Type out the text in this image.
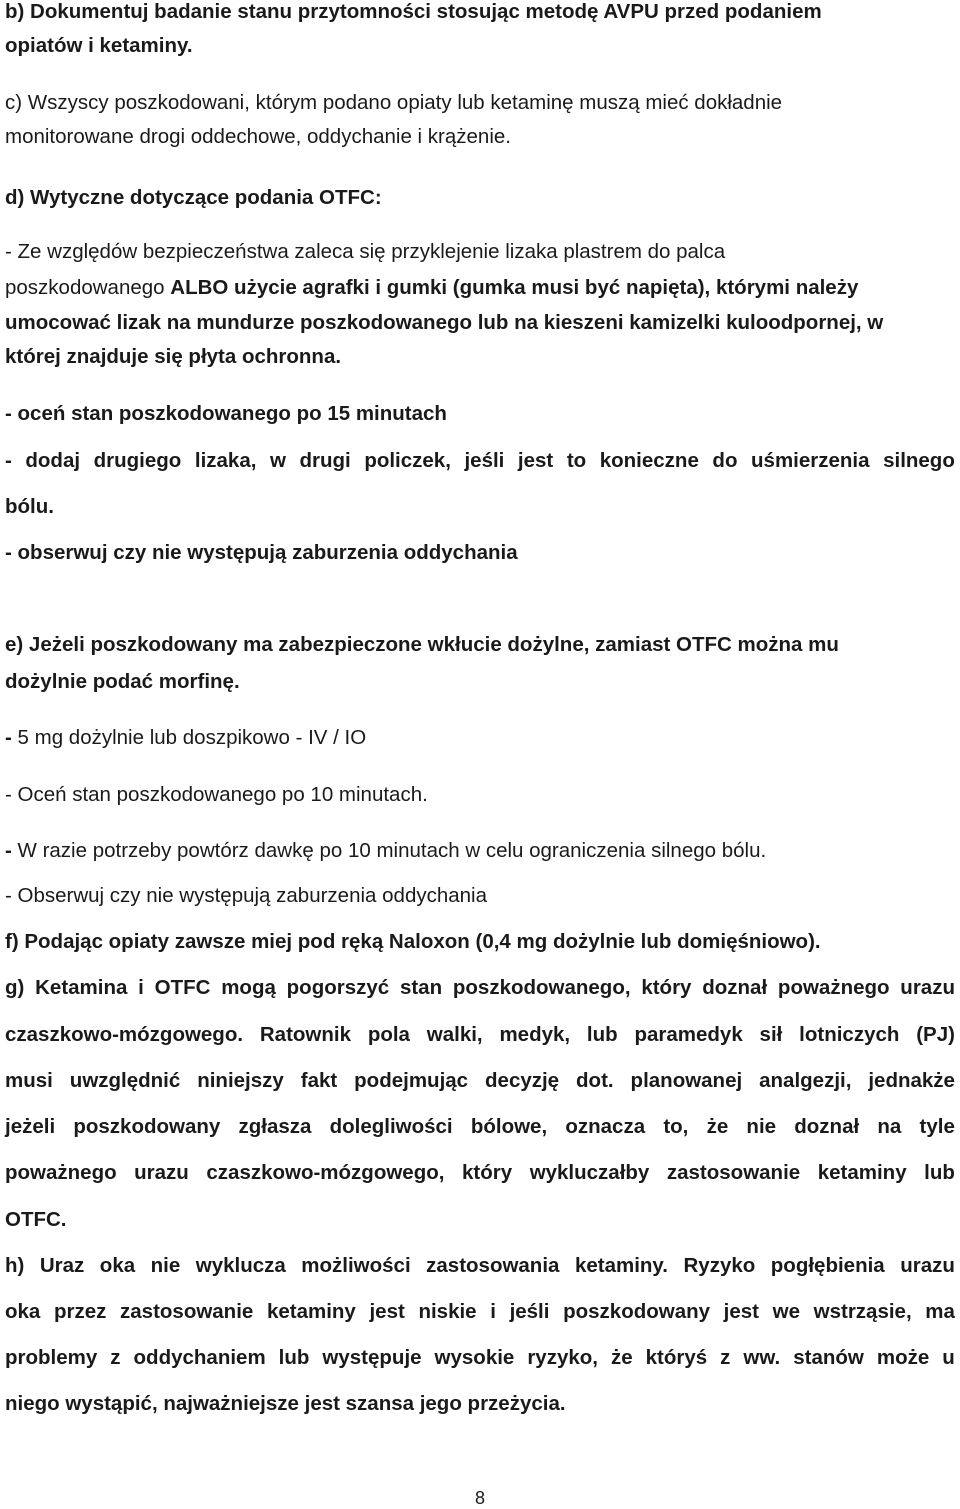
b) Dokumentuj badanie stanu przytomności stosując metodę AVPU przed podaniem
opiatów i ketaminy.
c) Wszyscy poszkodowani, którym podano opiaty lub ketaminę muszą mieć dokładnie
monitorowane drogi oddechowe, oddychanie i krążenie.
d) Wytyczne dotyczące podania OTFC:
- Ze względów bezpieczeństwa zaleca się przyklejenie lizaka plastrem do palca
poszkodowanego ALBO użycie agrafki i gumki (gumka musi być napięta), którymi należy
umocować lizak na mundurze poszkodowanego lub na kieszeni kamizelki kuloodpornej, w
której znajduje się płyta ochronna.
- oceń stan poszkodowanego po 15 minutach
- dodaj drugiego lizaka, w drugi policzek, jeśli jest to konieczne do uśmierzenia silnego
bólu.
- obserwuj czy nie występują zaburzenia oddychania
e) Jeżeli poszkodowany ma zabezpieczone wkłucie dożylne, zamiast OTFC można mu
dożylnie podać morfinę.
- 5 mg dożylnie lub doszpikowo - IV / IO
- Oceń stan poszkodowanego po 10 minutach.
- W razie potrzeby powtórz dawkę po 10 minutach w celu ograniczenia silnego bólu.
- Obserwuj czy nie występują zaburzenia oddychania
f) Podając opiaty zawsze miej pod ręką Naloxon (0,4 mg dożylnie lub domięśniowo).
g) Ketamina i OTFC mogą pogorszyć stan poszkodowanego, który doznał poważnego urazu
czaszkowo-mózgowego. Ratownik pola walki, medyk, lub paramedyk sił lotniczych (PJ)
musi uwzględnić niniejszy fakt podejmując decyzję dot. planowanej analgezji, jednakże
jeżeli poszkodowany zgłasza dolegliwości bólowe, oznacza to, że nie doznał na tyle
poważnego urazu czaszkowo-mózgowego, który wykluczałby zastosowanie ketaminy lub
OTFC.
h) Uraz oka nie wyklucza możliwości zastosowania ketaminy. Ryzyko pogłębienia urazu
oka przez zastosowanie ketaminy jest niskie i jeśli poszkodowany jest we wstrząsie, ma
problemy z oddychaniem lub występuje wysokie ryzyko, że któryś z ww. stanów może u
niego wystąpić, najważniejsze jest szansa jego przeżycia.
8
